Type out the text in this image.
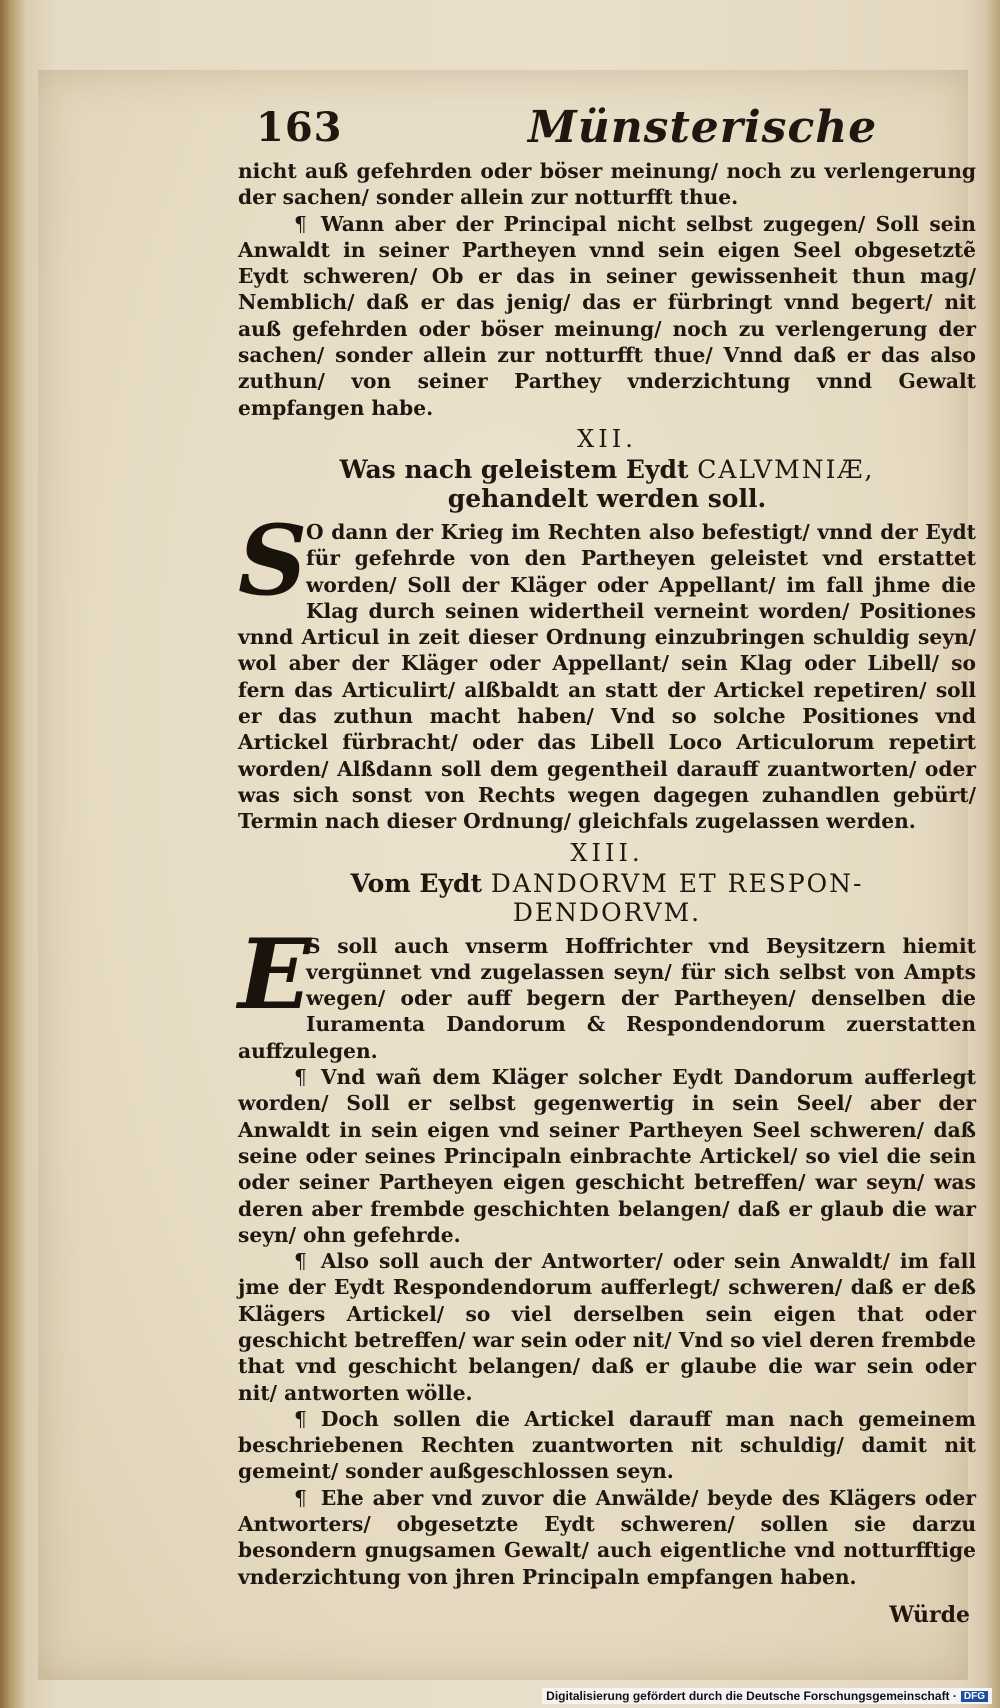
163	Münsterische

nicht auß gefehrden oder böser meinung/ noch zu verlengerung der sachen/ sonder allein zur notturfft thue.

¶ Wann aber der Principal nicht selbst zugegen/ Soll sein Anwaldt in seiner Partheyen vnnd sein eigen Seel obgesetztẽ Eydt schweren/ Ob er das in seiner gewissenheit thun mag/ Nemblich/ daß er das jenig/ das er fürbringt vnnd begert/ nit auß gefehrden oder böser meinung/ noch zu verlengerung der sachen/ sonder allein zur notturfft thue/ Vnnd daß er das also zuthun/ von seiner Parthey vnderzichtung vnnd Gewalt empfangen habe.

XII.
Was nach geleistem Eydt CALVMNIÆ,
gehandelt werden soll.

S
O dann der Krieg im Rechten also befestigt/ vnnd der Eydt für gefehrde von den Partheyen geleistet vnd erstattet worden/ Soll der Kläger oder Appellant/ im fall jhme die Klag durch seinen widertheil verneint worden/ Positiones vnnd Articul in zeit dieser Ordnung einzubringen schuldig seyn/ wol aber der Kläger oder Appellant/ sein Klag oder Libell/ so fern das Articulirt/ alßbaldt an statt der Artickel repetiren/ soll er das zuthun macht haben/ Vnd so solche Positiones vnd Artickel fürbracht/ oder das Libell Loco Articulorum repetirt worden/ Alßdann soll dem gegentheil darauff zuantworten/ oder was sich sonst von Rechts wegen dagegen zuhandlen gebürt/ Termin nach dieser Ordnung/ gleichfals zugelassen werden.

XIII.
Vom Eydt DANDORVM ET RESPON-
DENDORVM.

E
S soll auch vnserm Hoffrichter vnd Beysitzern hiemit vergünnet vnd zugelassen seyn/ für sich selbst von Ampts wegen/ oder auff begern der Partheyen/ denselben die Iuramenta Dandorum & Respondendorum zuerstatten auffzulegen.

¶ Vnd wañ dem Kläger solcher Eydt Dandorum aufferlegt worden/ Soll er selbst gegenwertig in sein Seel/ aber der Anwaldt in sein eigen vnd seiner Partheyen Seel schweren/ daß seine oder seines Principaln einbrachte Artickel/ so viel die sein oder seiner Partheyen eigen geschicht betreffen/ war seyn/ was deren aber frembde geschichten belangen/ daß er glaub die war seyn/ ohn gefehrde.

¶ Also soll auch der Antworter/ oder sein Anwaldt/ im fall jme der Eydt Respondendorum aufferlegt/ schweren/ daß er deß Klägers Artickel/ so viel derselben sein eigen that oder geschicht betreffen/ war sein oder nit/ Vnd so viel deren frembde that vnd geschicht belangen/ daß er glaube die war sein oder nit/ antworten wölle.

¶ Doch sollen die Artickel darauff man nach gemeinem beschriebenen Rechten zuantworten nit schuldig/ damit nit gemeint/ sonder außgeschlossen seyn.

¶ Ehe aber vnd zuvor die Anwälde/ beyde des Klägers oder Antworters/ obgesetzte Eydt schweren/ sollen sie darzu besondern gnugsamen Gewalt/ auch eigentliche vnd notturfftige vnderzichtung von jhren Principaln empfangen haben.

Würde
Digitalisierung gefördert durch die Deutsche Forschungsgemeinschaft · DFG
